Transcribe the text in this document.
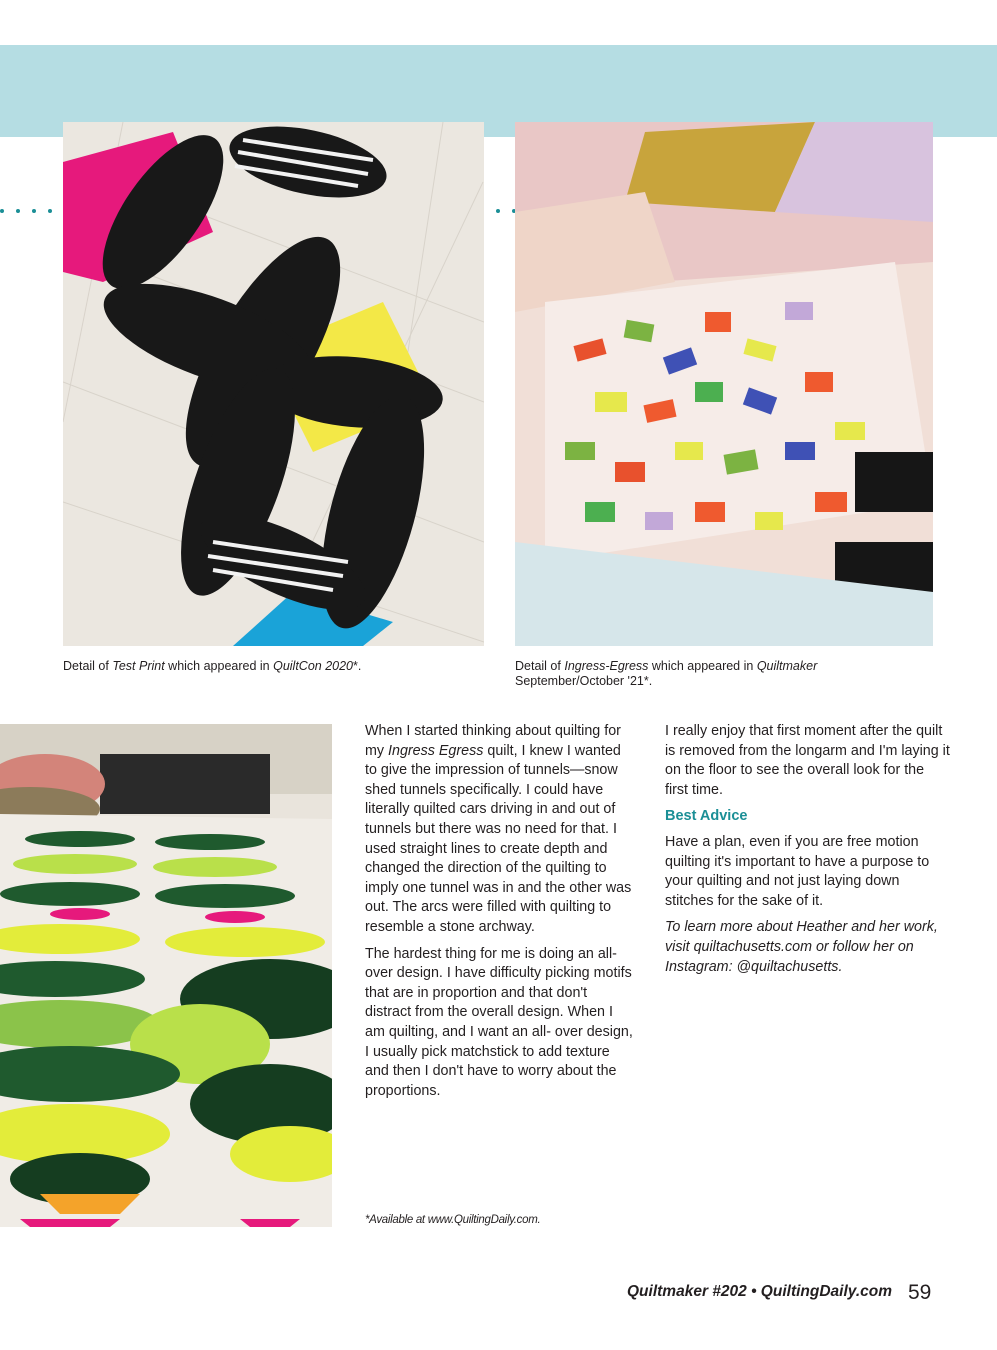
Detail of Test Print which appeared in QuiltCon 2020*.	Detail of Ingress-Egress which appeared in Quiltmaker
September/October '21*.

When I started thinking about quilting for my Ingress Egress quilt, I knew I wanted to give the impression of tunnels—snow shed tunnels specifically. I could have literally quilted cars driving in and out of tunnels but there was no need for that. I used straight lines to create depth and changed the direction of the quilting to imply one tunnel was in and the other was out. The arcs were filled with quilting to resemble a stone archway.

The hardest thing for me is doing an all- over design. I have difficulty picking motifs that are in proportion and that don't distract from the overall design. When I am quilting, and I want an all- over design, I usually pick matchstick to add texture and then I don't have to worry about the proportions.

I really enjoy that first moment after the quilt is removed from the longarm and I'm laying it on the floor to see the overall look for the first time.

Best Advice

Have a plan, even if you are free motion quilting it's important to have a purpose to your quilting and not just laying down stitches for the sake of it.

To learn more about Heather and her work, visit quiltachusetts.com or follow her on Instagram: @quiltachusetts.

*Available at www.QuiltingDaily.com.
Quiltmaker #202 • QuiltingDaily.com 59
